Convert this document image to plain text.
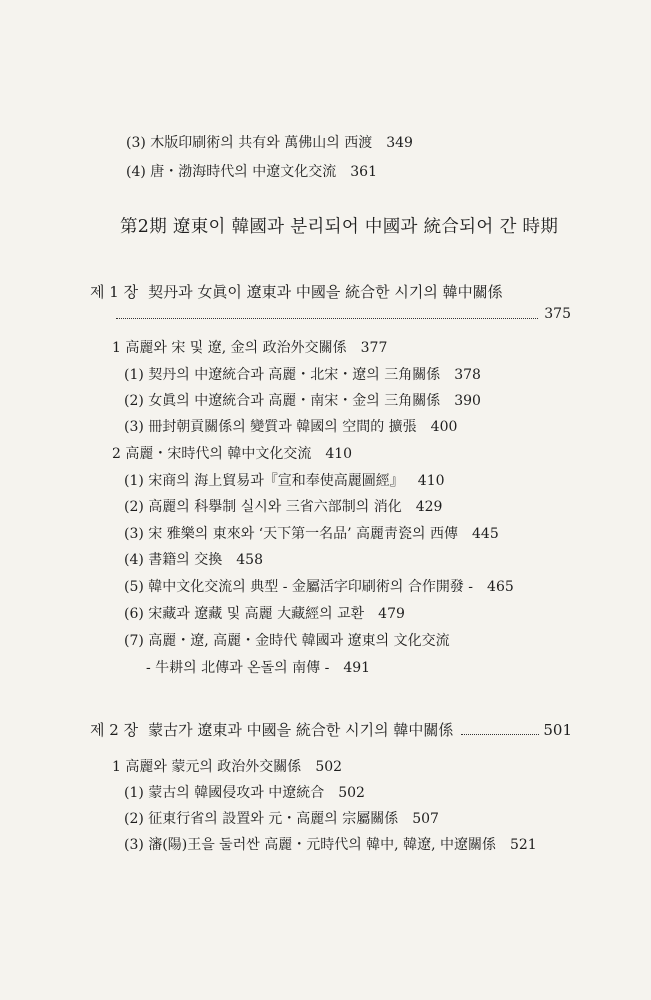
(3) 木版印刷術의 共有와 萬佛山의 西渡 349
(4) 唐・渤海時代의 中遼文化交流 361
第2期 遼東이 韓國과 분리되어 中國과 統合되어 간 時期
제 1 장 契丹과 女眞이 遼東과 中國을 統合한 시기의 韓中關係
375
1 高麗와 宋 및 遼, 金의 政治外交關係 377
(1) 契丹의 中遼統合과 高麗・北宋・遼의 三角關係 378
(2) 女眞의 中遼統合과 高麗・南宋・金의 三角關係 390
(3) 冊封朝貢關係의 變質과 韓國의 空間的 擴張 400
2 高麗・宋時代의 韓中文化交流 410
(1) 宋商의 海上貿易과『宣和奉使高麗圖經』 410
(2) 高麗의 科擧制 실시와 三省六部制의 消化 429
(3) 宋 雅樂의 東來와 ‘天下第一名品’ 高麗靑瓷의 西傳 445
(4) 書籍의 交換 458
(5) 韓中文化交流의 典型 - 金屬活字印刷術의 合作開發 - 465
(6) 宋藏과 遼藏 및 高麗 大藏經의 교환 479
(7) 高麗・遼, 高麗・金時代 韓國과 遼東의 文化交流
- 牛耕의 北傳과 온돌의 南傳 - 491
제 2 장 蒙古가 遼東과 中國을 統合한 시기의 韓中關係	501
1 高麗와 蒙元의 政治外交關係 502
(1) 蒙古의 韓國侵攻과 中遼統合 502
(2) 征東行省의 設置와 元・高麗의 宗屬關係 507
(3) 瀋(陽)王을 둘러싼 高麗・元時代의 韓中, 韓遼, 中遼關係 521
